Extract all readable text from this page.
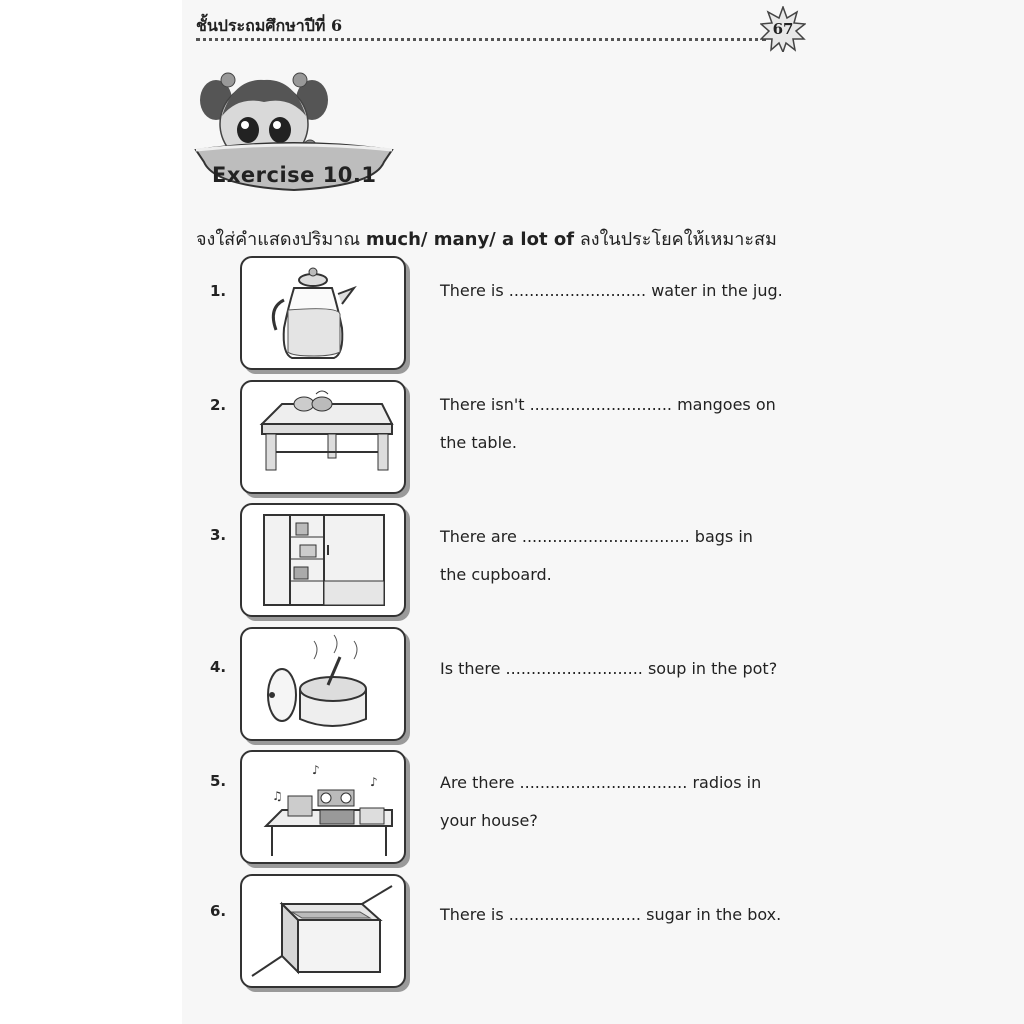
ชั้นประถมศึกษาปีที่ 6	67
Exercise 10.1
จงใส่คำแสดงปริมาณ much/ many/ a lot of ลงในประโยคให้เหมาะสม
1.	There is ........................... water in the jug.
2.	There isn't ............................ mangoes on
the table.
3.	There are ................................. bags in
the cupboard.
4.	Is there ........................... soup in the pot?
5.
♫
♪
♪
Are there ................................. radios in
your house?
6.	There is .......................... sugar in the box.
